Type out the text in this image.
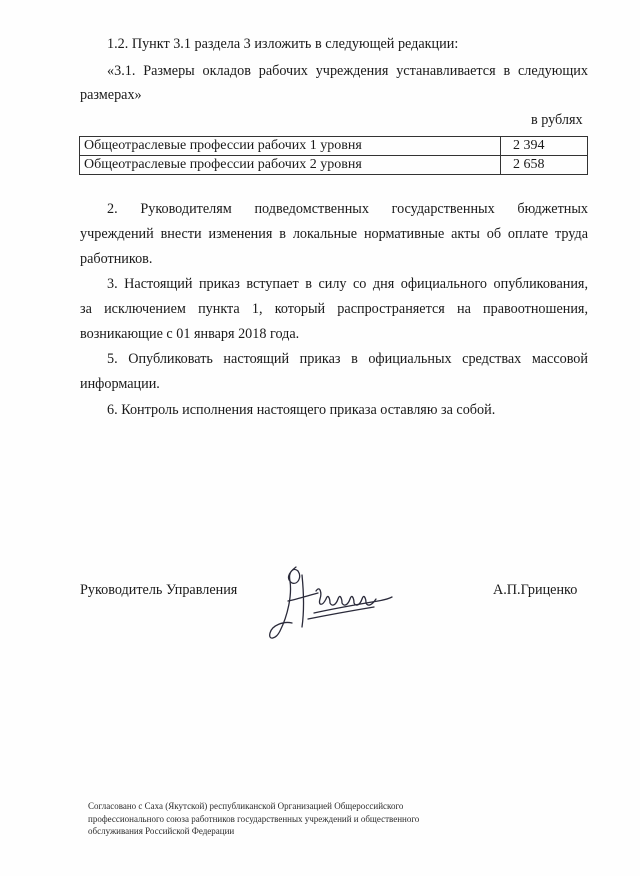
1.2. Пункт 3.1 раздела 3 изложить в следующей редакции:
«3.1. Размеры окладов рабочих учреждения устанавливается в следующих
размерах»
в рублях
Общеотраслевые профессии рабочих 1 уровня	2 394
Общеотраслевые профессии рабочих 2 уровня	2 658
2. Руководителям подведомственных государственных бюджетных
учреждений внести изменения в локальные нормативные акты об оплате труда
работников.
3. Настоящий приказ вступает в силу со дня официального опубликования,
за исключением пункта 1, который распространяется на правоотношения,
возникающие с 01 января 2018 года.
5. Опубликовать настоящий приказ в официальных средствах массовой
информации.
6. Контроль исполнения настоящего приказа оставляю за собой.
Руководитель Управления	А.П.Гриценко
Согласовано с Саха (Якутской) республиканской Организацией Общероссийского
профессионального союза работников государственных учреждений и общественного
обслуживания Российской Федерации
